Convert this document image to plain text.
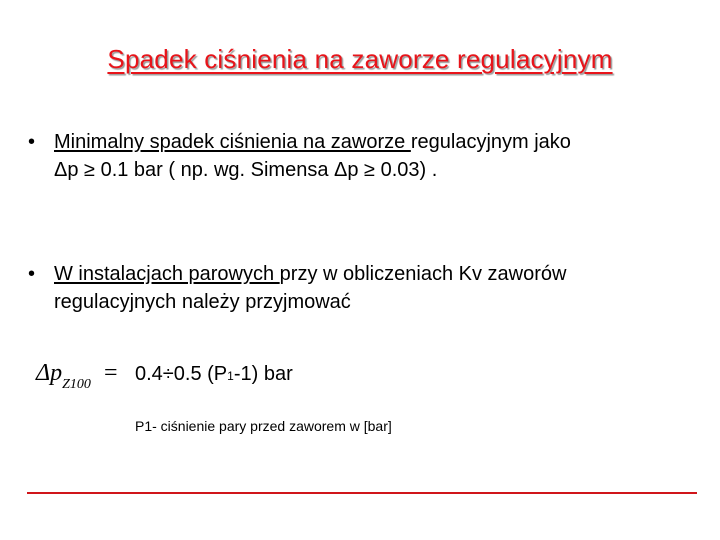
Spadek ciśnienia na zaworze regulacyjnym
• Minimalny spadek ciśnienia na zaworze regulacyjnym jako
Δp ≥ 0.1 bar ( np. wg. Simensa Δp ≥ 0.03) .
• W instalacjach parowych przy w obliczeniach Kv zaworów
regulacyjnych należy przyjmować
$\Delta p_{Z100} = 0.4\div 0.5$ (P1-1) bar
P1- ciśnienie pary przed zaworem w [bar]
